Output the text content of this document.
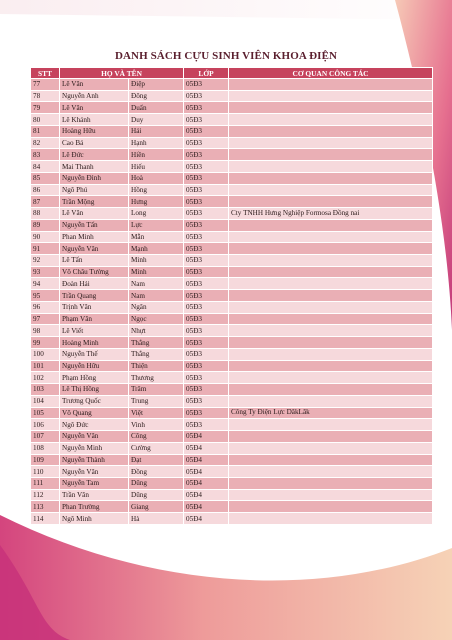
DANH SÁCH CỰU SINH VIÊN KHOA ĐIỆN
STT	HỌ VÀ TÊN		LỚP	CƠ QUAN CÔNG TÁC
77	Lê Văn	Điệp	05Đ3	
78	Nguyễn Anh	Đông	05Đ3	
79	Lê Văn	Duẩn	05Đ3	
80	Lê Khánh	Duy	05Đ3	
81	Hoàng Hữu	Hải	05Đ3	
82	Cao Bá	Hạnh	05Đ3	
83	Lê Đức	Hiền	05Đ3	
84	Mai Thanh	Hiếu	05Đ3	
85	Nguyễn Đình	Hoà	05Đ3	
86	Ngô Phú	Hồng	05Đ3	
87	Trần Mộng	Hưng	05Đ3	
88	Lê Văn	Long	05Đ3	Cty TNHH Hưng Nghiệp Formosa Đồng nai
89	Nguyễn Tấn	Lực	05Đ3	
90	Phan Minh	Mẫn	05Đ3	
91	Nguyễn Văn	Mạnh	05Đ3	
92	Lê Tấn	Minh	05Đ3	
93	Võ Châu Tường	Minh	05Đ3	
94	Đoàn Hải	Nam	05Đ3	
95	Trần Quang	Nam	05Đ3	
96	Trịnh Văn	Ngân	05Đ3	
97	Phạm Văn	Ngọc	05Đ3	
98	Lê Viết	Nhựt	05Đ3	
99	Hoàng Minh	Thắng	05Đ3	
100	Nguyễn Thế	Thắng	05Đ3	
101	Nguyễn Hữu	Thiện	05Đ3	
102	Phạm Hồng	Thương	05Đ3	
103	Lê Thị Hồng	Trâm	05Đ3	
104	Trương Quốc	Trung	05Đ3	
105	Võ Quang	Việt	05Đ3	Công Ty Điện Lực DăkLăk
106	Ngô Đức	Vinh	05Đ3	
107	Nguyễn Văn	Công	05Đ4	
108	Nguyễn Minh	Cường	05Đ4	
109	Nguyễn Thành	Đạt	05Đ4	
110	Nguyễn Văn	Đồng	05Đ4	
111	Nguyễn Tam	Dũng	05Đ4	
112	Trần Văn	Dũng	05Đ4	
113	Phan Trường	Giang	05Đ4	
114	Ngô Minh	Hà	05Đ4	
